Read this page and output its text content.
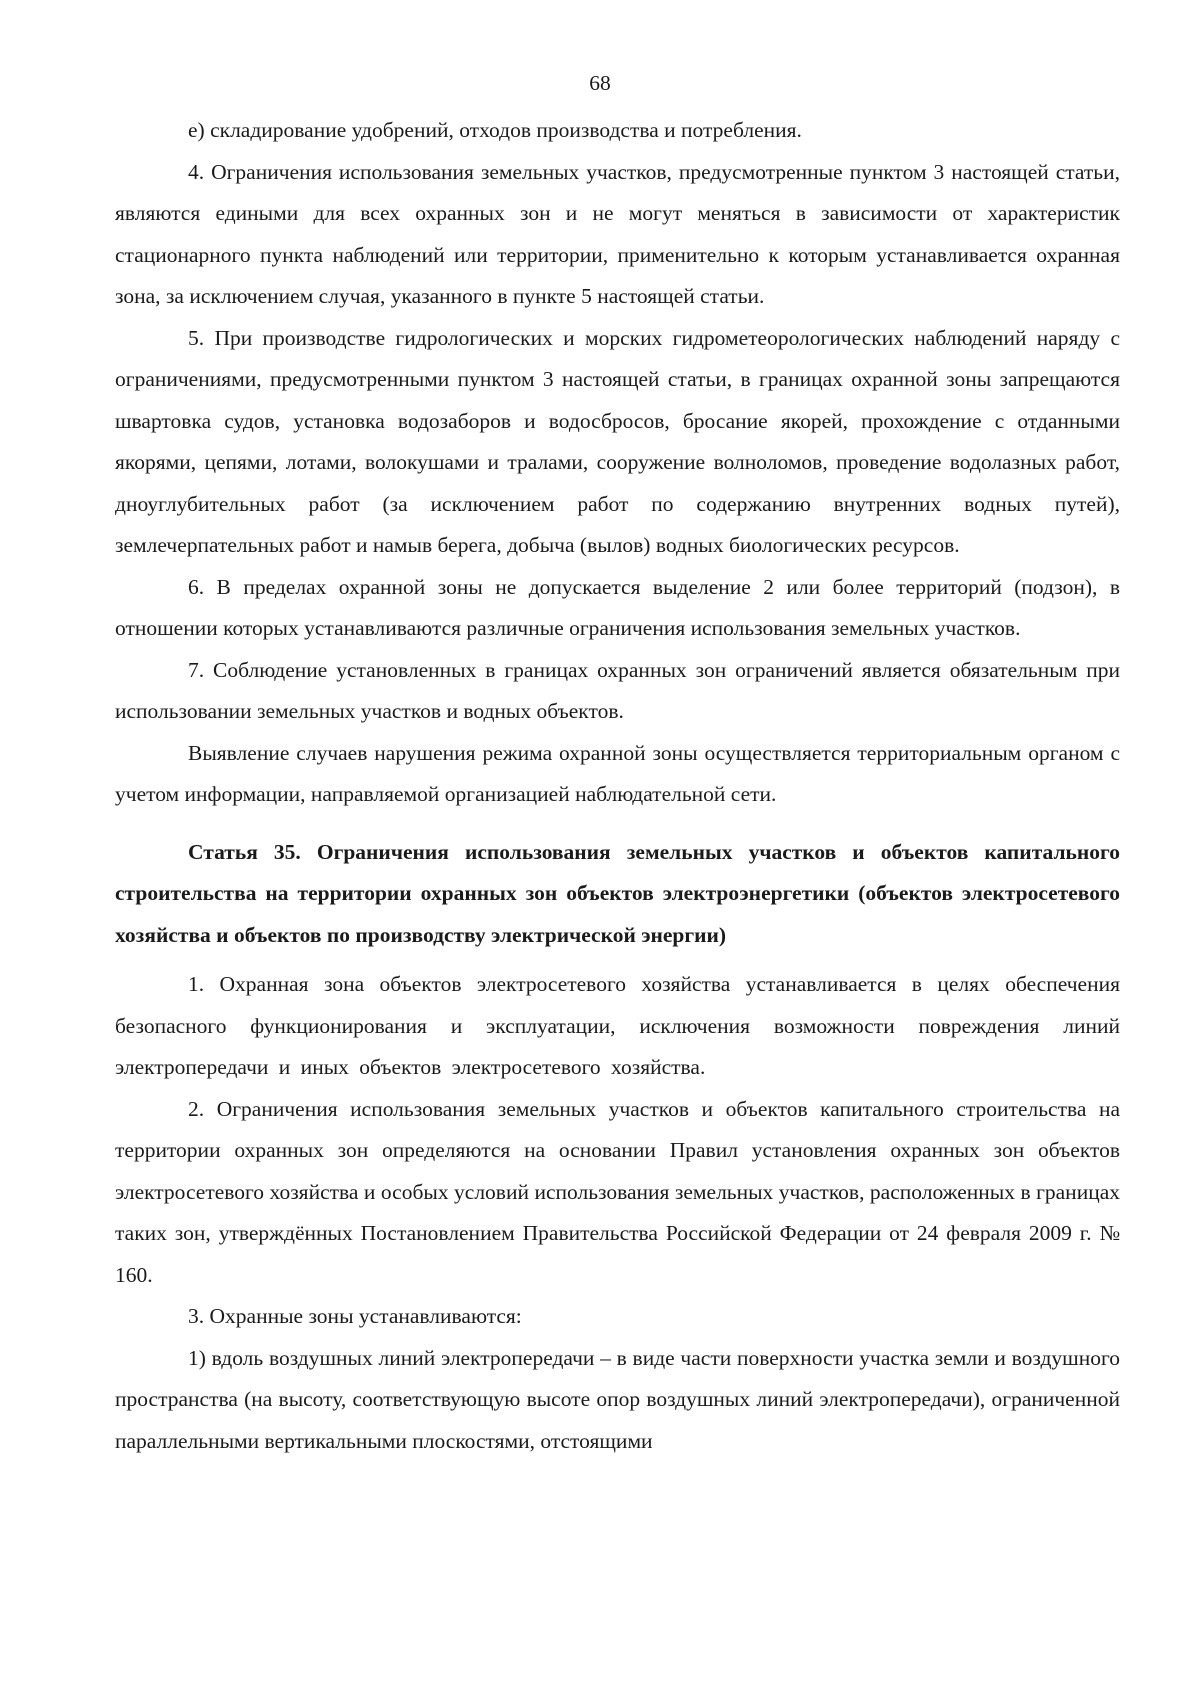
68

е) складирование удобрений, отходов производства и потребления.

4. Ограничения использования земельных участков, предусмотренные пунктом 3 настоящей статьи, являются едиными для всех охранных зон и не могут меняться в зависимости от характеристик стационарного пункта наблюдений или территории, применительно к которым устанавливается охранная зона, за исключением случая, указанного в пункте 5 настоящей статьи.

5. При производстве гидрологических и морских гидрометеорологических наблюдений наряду с ограничениями, предусмотренными пунктом 3 настоящей статьи, в границах охранной зоны запрещаются швартовка судов, установка водозаборов и водосбросов, бросание якорей, прохождение с отданными якорями, цепями, лотами, волокушами и тралами, сооружение волноломов, проведение водолазных работ, дноуглубительных работ (за исключением работ по содержанию внутренних водных путей), землечерпательных работ и намыв берега, добыча (вылов) водных биологических ресурсов.

6. В пределах охранной зоны не допускается выделение 2 или более территорий (подзон), в отношении которых устанавливаются различные ограничения использования земельных участков.

7. Соблюдение установленных в границах охранных зон ограничений является обязательным при использовании земельных участков и водных объектов.

Выявление случаев нарушения режима охранной зоны осуществляется территориальным органом с учетом информации, направляемой организацией наблюдательной сети.

Статья 35. Ограничения использования земельных участков и объектов капитального строительства на территории охранных зон объектов электроэнергетики (объектов электросетевого хозяйства и объектов по производству электрической энергии)

1. Охранная зона объектов электросетевого хозяйства устанавливается в целях обеспечения безопасного функционирования и эксплуатации, исключения возможности повреждения линий электропередачи и иных объектов электросетевого хозяйства.

2. Ограничения использования земельных участков и объектов капитального строительства на территории охранных зон определяются на основании Правил установления охранных зон объектов электросетевого хозяйства и особых условий использования земельных участков, расположенных в границах таких зон, утверждённых Постановлением Правительства Российской Федерации от 24 февраля 2009 г. № 160.

3. Охранные зоны устанавливаются:

1) вдоль воздушных линий электропередачи – в виде части поверхности участка земли и воздушного пространства (на высоту, соответствующую высоте опор воздушных линий электропередачи), ограниченной параллельными вертикальными плоскостями, отстоящими
